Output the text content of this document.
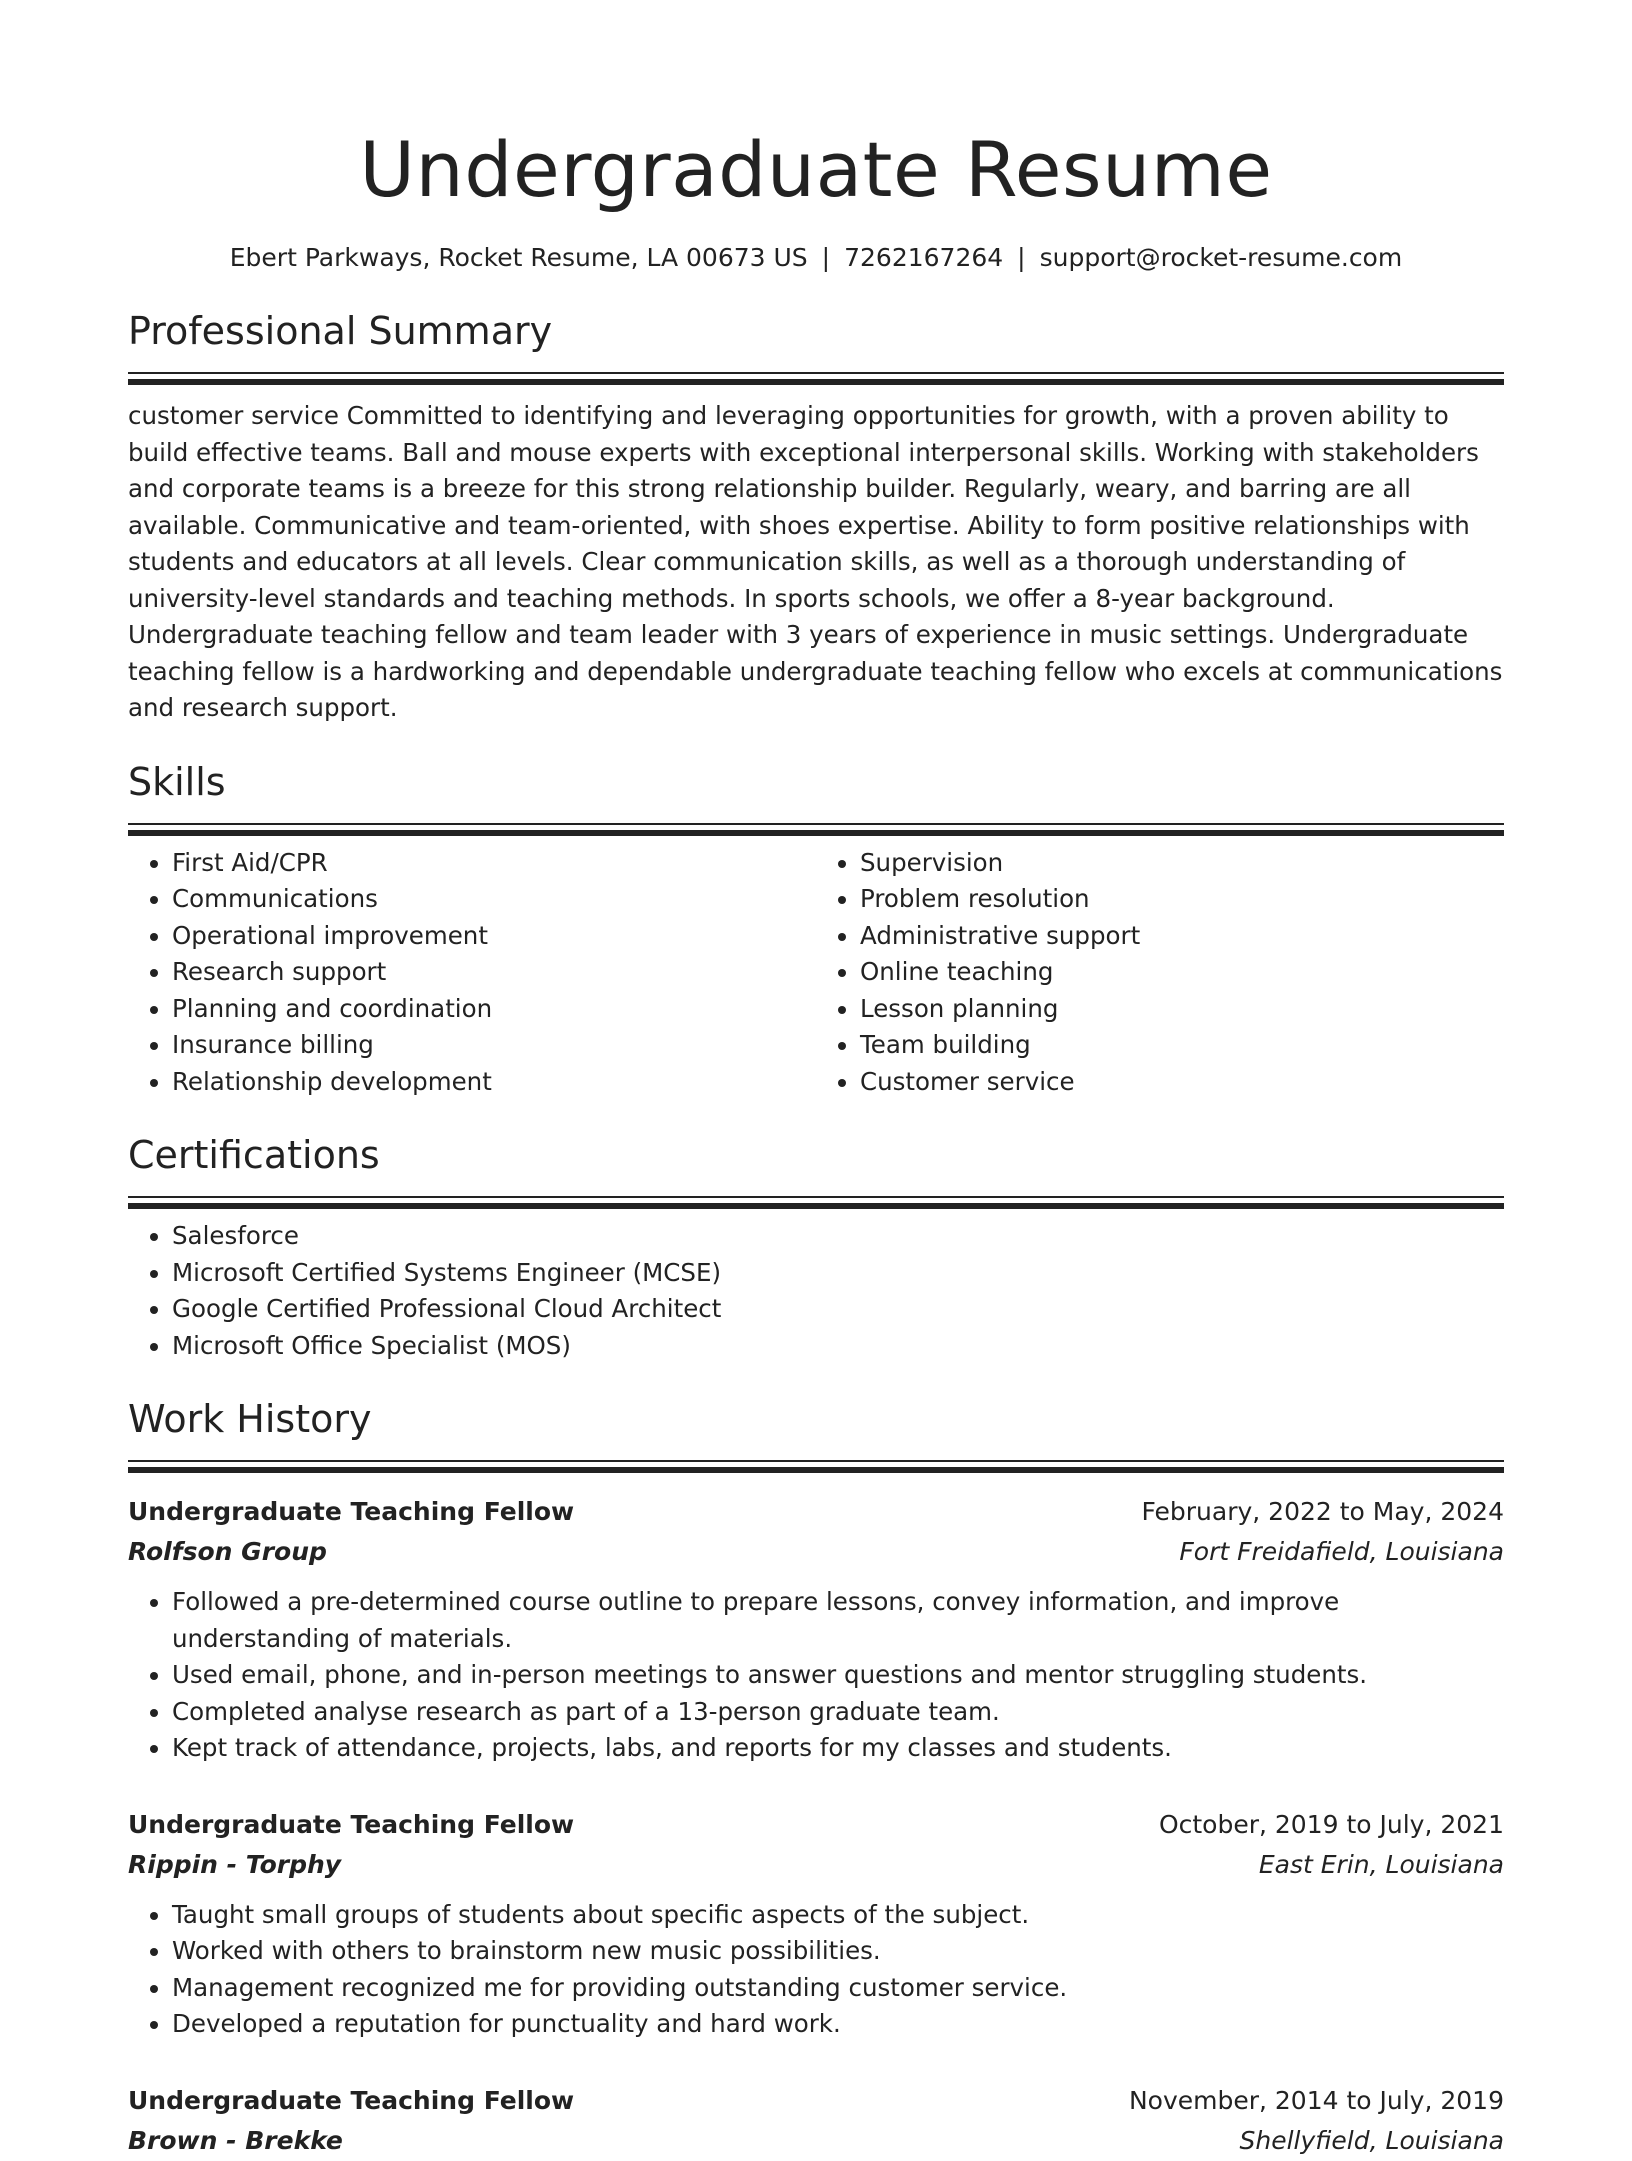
Undergraduate Resume
Ebert Parkways, Rocket Resume, LA 00673 US | 7262167264 | support@rocket-resume.com
Professional Summary

customer service Committed to identifying and leveraging opportunities for growth, with a proven ability to build effective teams. Ball and mouse experts with exceptional interpersonal skills. Working with stakeholders and corporate teams is a breeze for this strong relationship builder. Regularly, weary, and barring are all available. Communicative and team-oriented, with shoes expertise. Ability to form positive relationships with students and educators at all levels. Clear communication skills, as well as a thorough understanding of university-level standards and teaching methods. In sports schools, we offer a 8-year background. Undergraduate teaching fellow and team leader with 3 years of experience in music settings. Undergraduate teaching fellow is a hardworking and dependable undergraduate teaching fellow who excels at communications and research support.

Skills
• First Aid/CPR
• Communications
• Operational improvement
• Research support
• Planning and coordination
• Insurance billing
• Relationship development
• Supervision
• Problem resolution
• Administrative support
• Online teaching
• Lesson planning
• Team building
• Customer service
Certifications
• Salesforce
• Microsoft Certified Systems Engineer (MCSE)
• Google Certified Professional Cloud Architect
• Microsoft Office Specialist (MOS)
Work History
Undergraduate Teaching Fellow	February, 2022 to May, 2024
Rolfson Group	Fort Freidafield, Louisiana
• Followed a pre-determined course outline to prepare lessons, convey information, and improve understanding of materials.
• Used email, phone, and in-person meetings to answer questions and mentor struggling students.
• Completed analyse research as part of a 13-person graduate team.
• Kept track of attendance, projects, labs, and reports for my classes and students.
Undergraduate Teaching Fellow	October, 2019 to July, 2021
Rippin - Torphy	East Erin, Louisiana
• Taught small groups of students about specific aspects of the subject.
• Worked with others to brainstorm new music possibilities.
• Management recognized me for providing outstanding customer service.
• Developed a reputation for punctuality and hard work.
Undergraduate Teaching Fellow	November, 2014 to July, 2019
Brown - Brekke	Shellyfield, Louisiana
